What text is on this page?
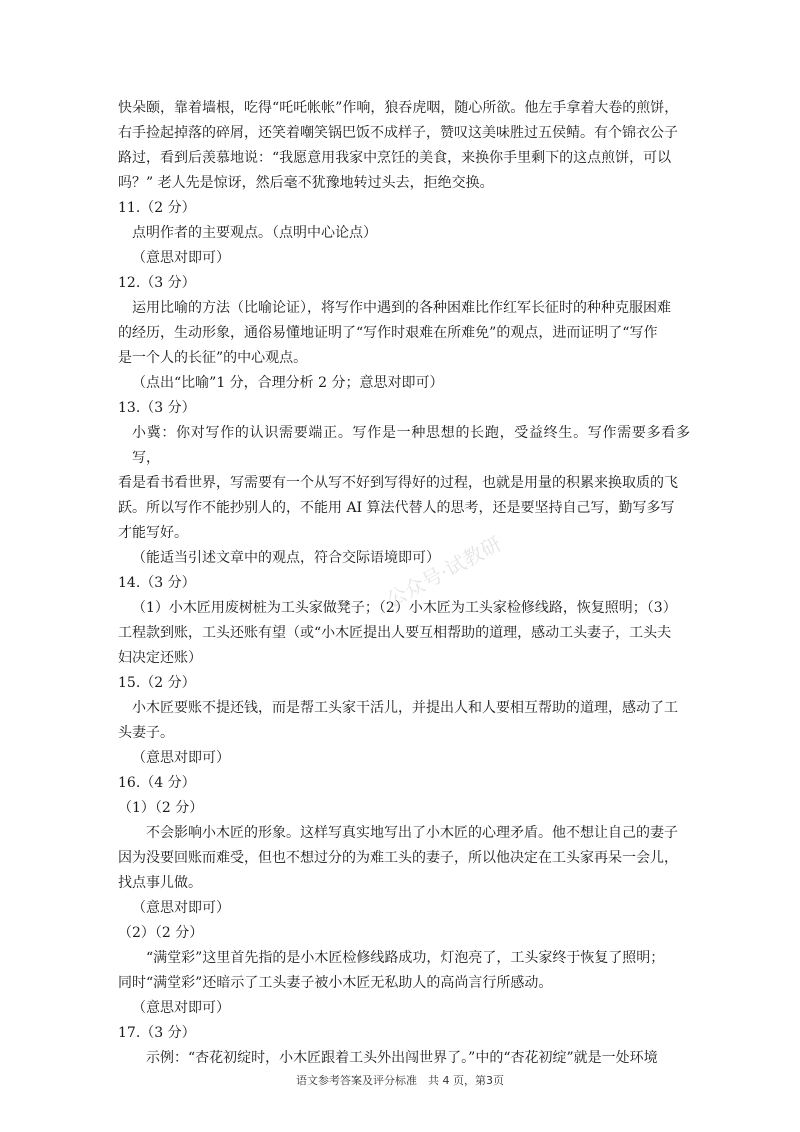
快朵颐，靠着墙根，吃得“吒吒帐帐”作响，狼吞虎咽，随心所欲。他左手拿着大卷的煎饼，

右手捡起掉落的碎屑，还笑着嘲笑锅巴饭不成样子，赞叹这美味胜过五侯鲭。有个锦衣公子

路过，看到后羡慕地说：“我愿意用我家中烹饪的美食，来换你手里剩下的这点煎饼，可以

吗？” 老人先是惊讶，然后毫不犹豫地转过头去，拒绝交换。

11.（2 分）

点明作者的主要观点。（点明中心论点）

（意思对即可）

12.（3 分）

运用比喻的方法（比喻论证），将写作中遇到的各种困难比作红军长征时的种种克服困难

的经历，生动形象，通俗易懂地证明了“写作时艰难在所难免”的观点，进而证明了“写作

是一个人的长征”的中心观点。

（点出“比喻”1 分，合理分析 2 分；意思对即可）

13.（3 分）

小冀：你对写作的认识需要端正。写作是一种思想的长跑，受益终生。写作需要多看多写，

看是看书看世界，写需要有一个从写不好到写得好的过程，也就是用量的积累来换取质的飞

跃。所以写作不能抄别人的，不能用 AI 算法代替人的思考，还是要坚持自己写，勤写多写

才能写好。

（能适当引述文章中的观点，符合交际语境即可）

14.（3 分）

（1）小木匠用废树桩为工头家做凳子；（2）小木匠为工头家检修线路，恢复照明；（3）

工程款到账，工头还账有望（或“小木匠提出人要互相帮助的道理，感动工头妻子，工头夫

妇决定还账）

15.（2 分）

小木匠要账不提还钱，而是帮工头家干活儿，并提出人和人要相互帮助的道理，感动了工

头妻子。

（意思对即可）

16.（4 分）

（1）（2 分）

不会影响小木匠的形象。这样写真实地写出了小木匠的心理矛盾。他不想让自己的妻子

因为没要回账而难受，但也不想过分的为难工头的妻子，所以他决定在工头家再呆一会儿，

找点事儿做。

（意思对即可）

（2）（2 分）

“满堂彩”这里首先指的是小木匠检修线路成功，灯泡亮了，工头家终于恢复了照明；

同时“满堂彩”还暗示了工头妻子被小木匠无私助人的高尚言行所感动。

（意思对即可）

17.（3 分）

示例：“杏花初绽时，小木匠跟着工头外出闯世界了。”中的“杏花初绽”就是一处环境

公众号·试教研
语文参考答案及评分标准　共 4 页，第3页
